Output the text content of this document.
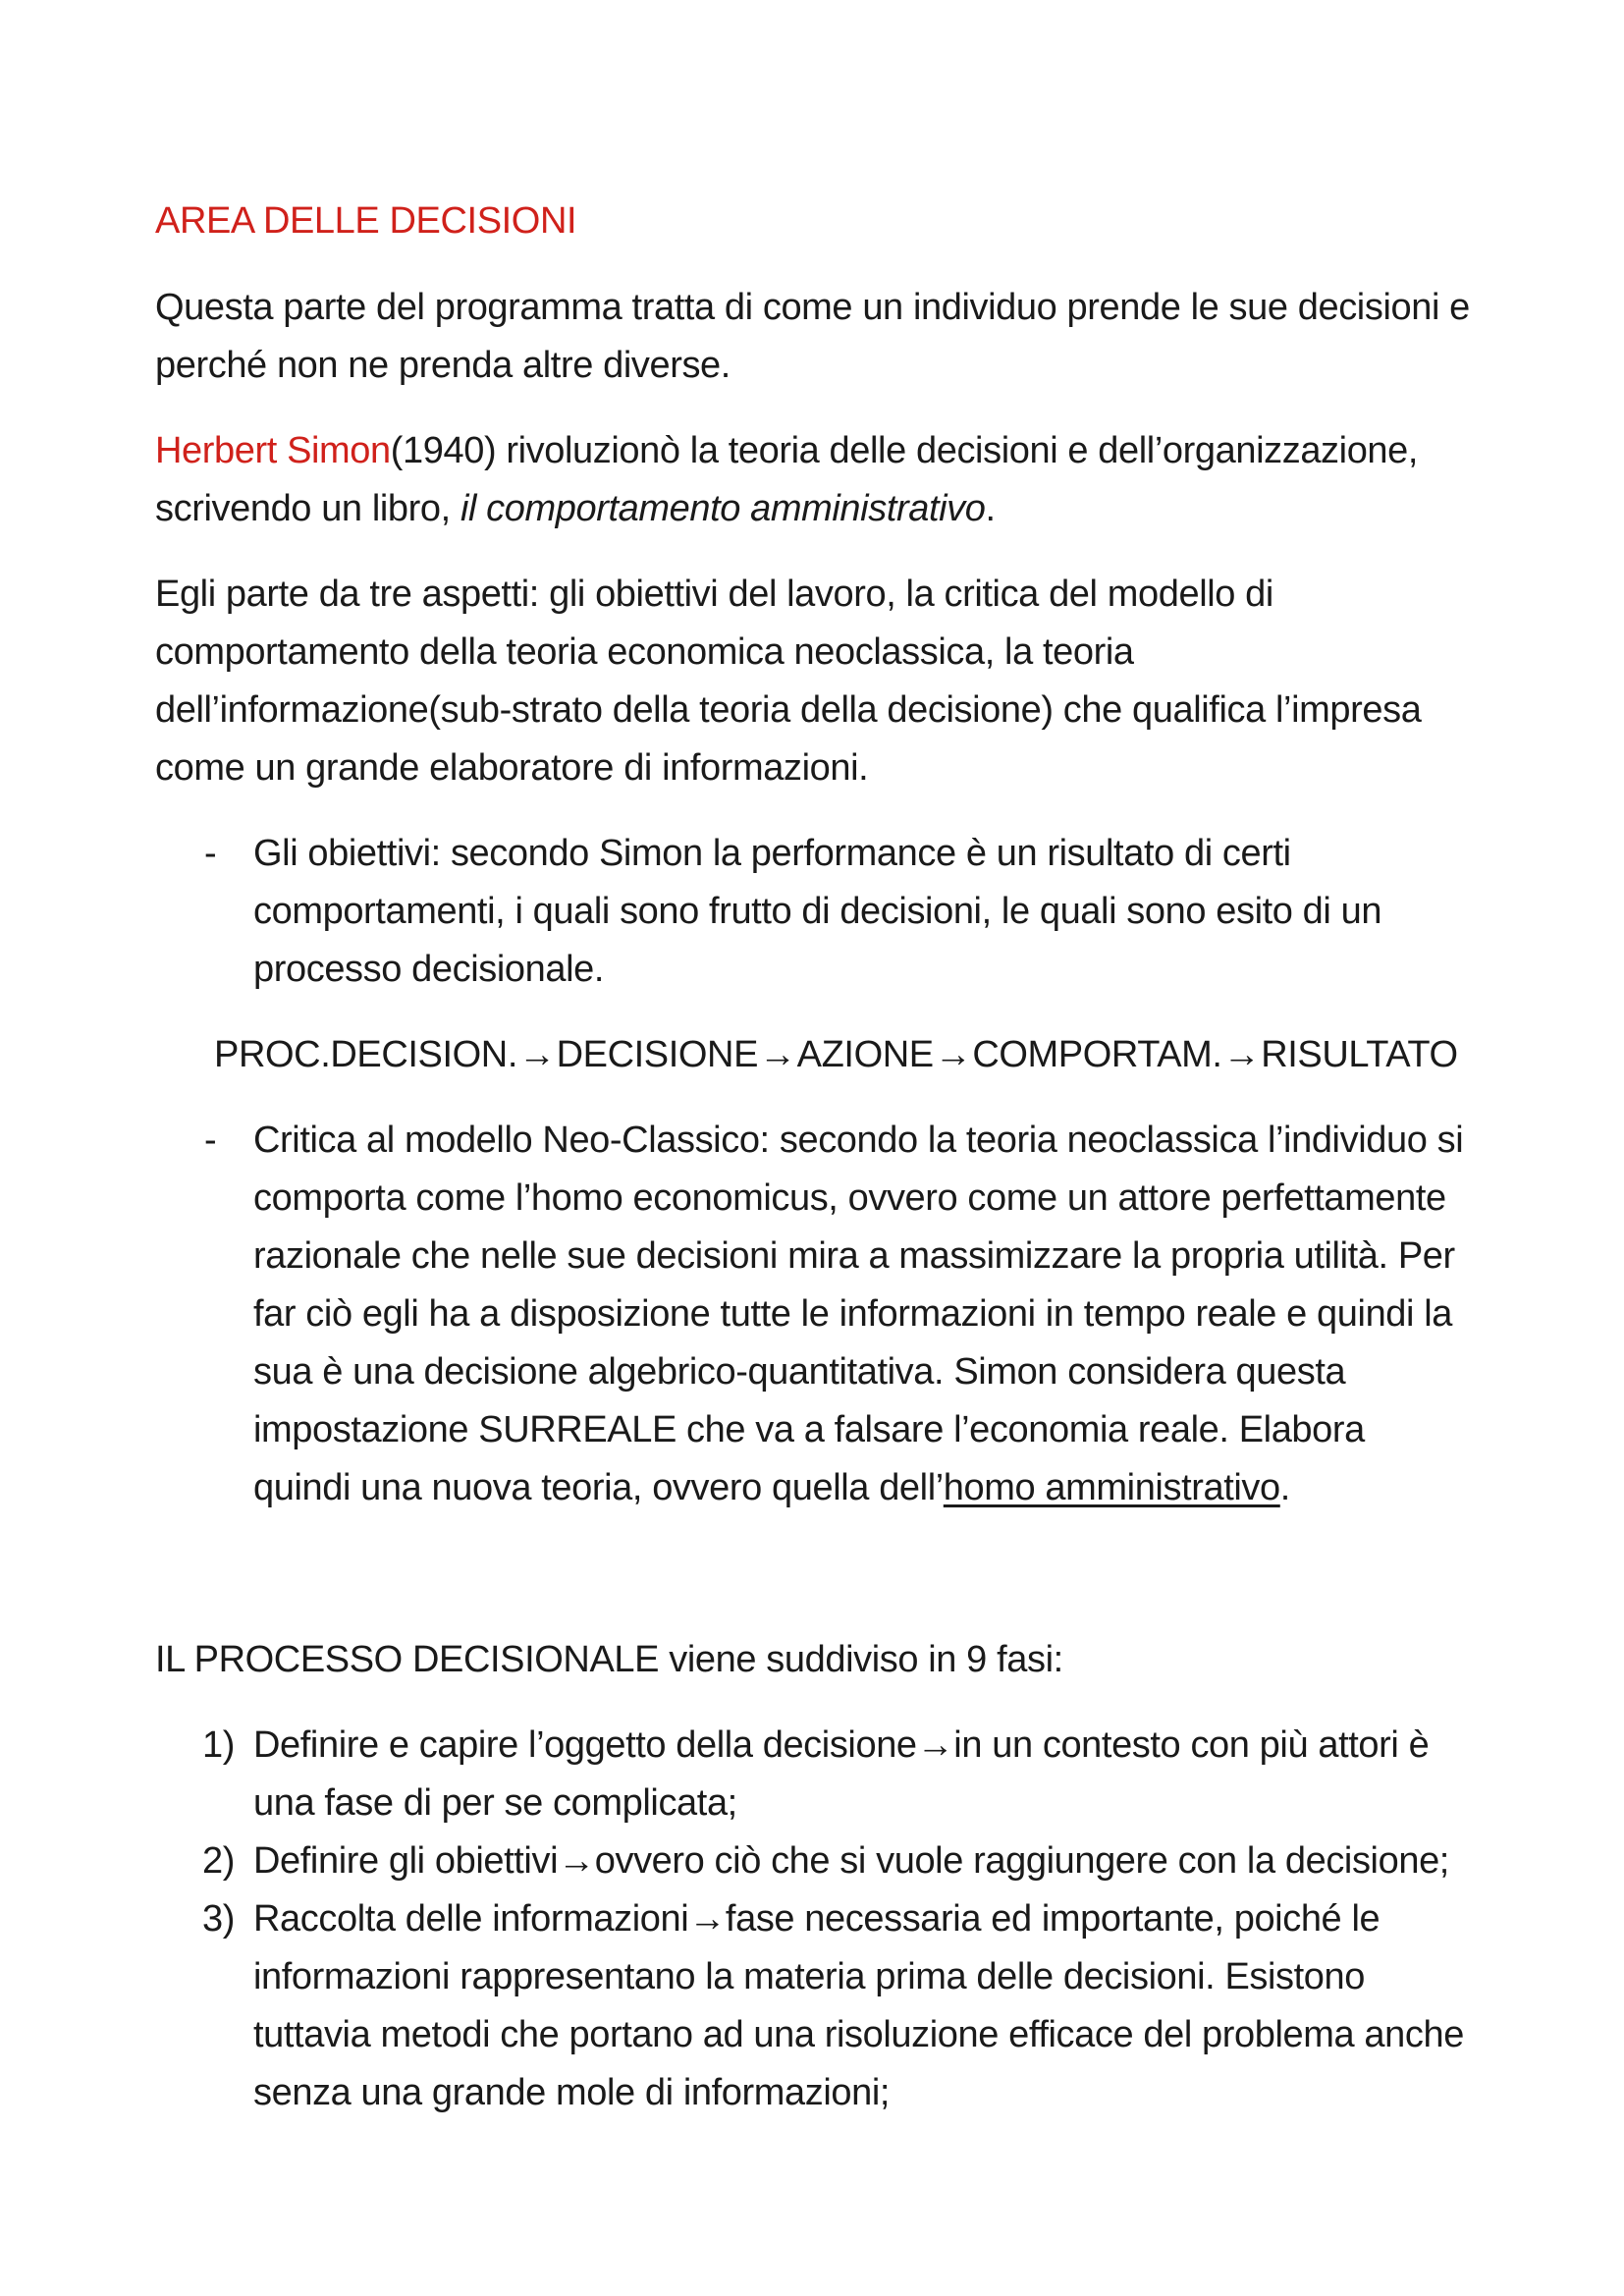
AREA DELLE DECISIONI

Questa parte del programma tratta di come un individuo prende le sue decisioni e perché non ne prenda altre diverse.

Herbert Simon(1940) rivoluzionò la teoria delle decisioni e dell’organizzazione, scrivendo un libro, il comportamento amministrativo.

Egli parte da tre aspetti: gli obiettivi del lavoro, la critica del modello di comportamento della teoria economica neoclassica, la teoria dell’informazione(sub-strato della teoria della decisione) che qualifica l’impresa come un grande elaboratore di informazioni.

- Gli obiettivi: secondo Simon la performance è un risultato di certi comportamenti, i quali sono frutto di decisioni, le quali sono esito di un processo decisionale.
PROC.DECISION.→DECISIONE→AZIONE→COMPORTAM.→RISULTATO
- Critica al modello Neo-Classico: secondo la teoria neoclassica l’individuo si comporta come l’homo economicus, ovvero come un attore perfettamente razionale che nelle sue decisioni mira a massimizzare la propria utilità. Per far ciò egli ha a disposizione tutte le informazioni in tempo reale e quindi la sua è una decisione algebrico-quantitativa. Simon considera questa impostazione SURREALE che va a falsare l’economia reale. Elabora quindi una nuova teoria, ovvero quella dell’homo amministrativo.

IL PROCESSO DECISIONALE viene suddiviso in 9 fasi:

1) Definire e capire l’oggetto della decisione→in un contesto con più attori è una fase di per se complicata;
2) Definire gli obiettivi→ovvero ciò che si vuole raggiungere con la decisione;
3) Raccolta delle informazioni→fase necessaria ed importante, poiché le informazioni rappresentano la materia prima delle decisioni. Esistono tuttavia metodi che portano ad una risoluzione efficace del problema anche senza una grande mole di informazioni;
